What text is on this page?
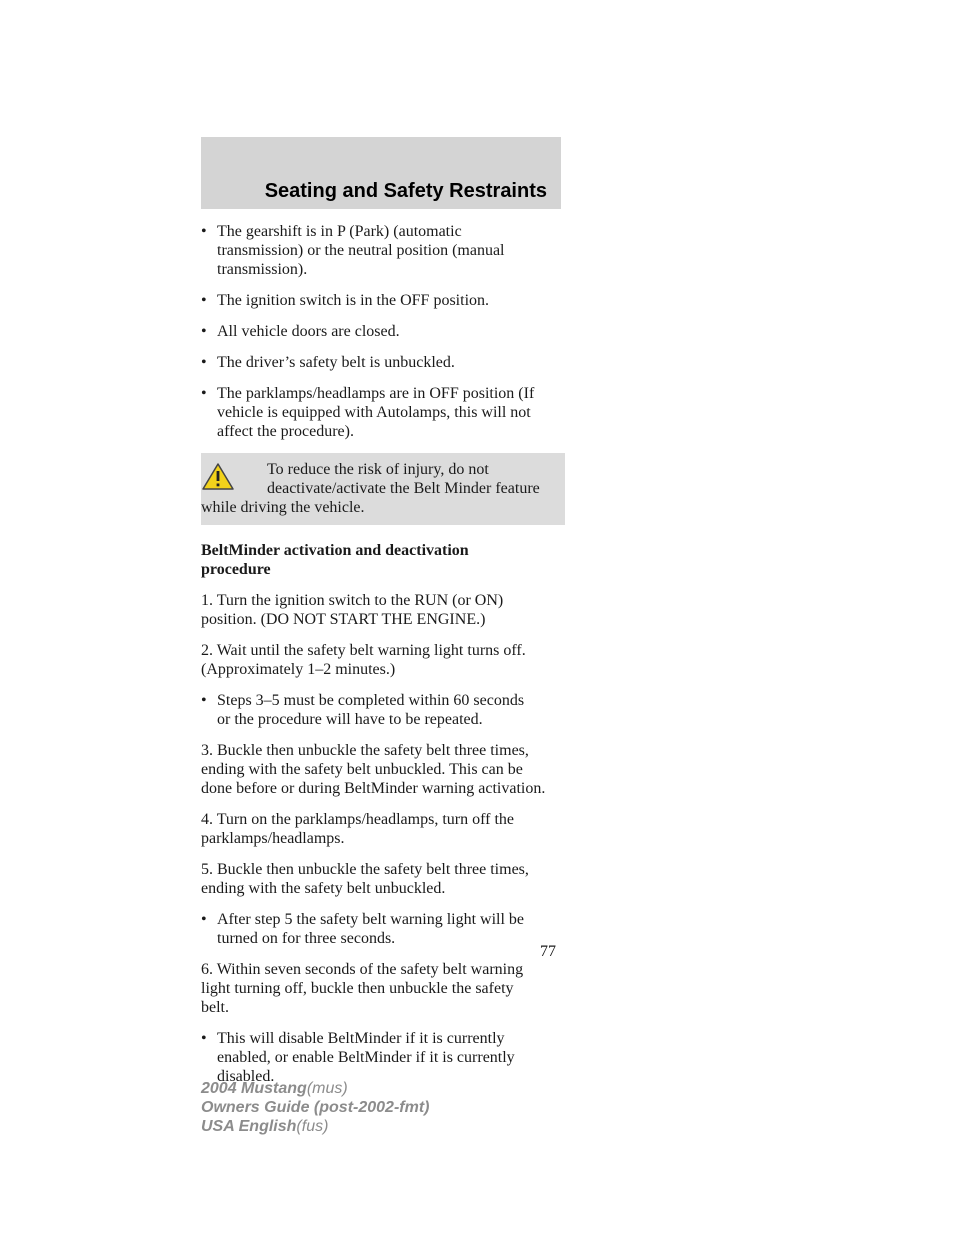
Seating and Safety Restraints
• The gearshift is in P (Park) (automatic
transmission) or the neutral position (manual
transmission).
• The ignition switch is in the OFF position.
• All vehicle doors are closed.
• The driver’s safety belt is unbuckled.
• The parklamps/headlamps are in OFF position (If
vehicle is equipped with Autolamps, this will not
affect the procedure).
To reduce the risk of injury, do not
deactivate/activate the Belt Minder feature
while driving the vehicle.
BeltMinder activation and deactivation
procedure
1. Turn the ignition switch to the RUN (or ON)
position. (DO NOT START THE ENGINE.)
2. Wait until the safety belt warning light turns off.
(Approximately 1–2 minutes.)
• Steps 3–5 must be completed within 60 seconds
or the procedure will have to be repeated.
3. Buckle then unbuckle the safety belt three times,
ending with the safety belt unbuckled. This can be
done before or during BeltMinder warning activation.
4. Turn on the parklamps/headlamps, turn off the
parklamps/headlamps.
5. Buckle then unbuckle the safety belt three times,
ending with the safety belt unbuckled.
• After step 5 the safety belt warning light will be
turned on for three seconds.
6. Within seven seconds of the safety belt warning
light turning off, buckle then unbuckle the safety
belt.
• This will disable BeltMinder if it is currently
enabled, or enable BeltMinder if it is currently
disabled.
77
2004 Mustang(mus)
Owners Guide (post-2002-fmt)
USA English(fus)
